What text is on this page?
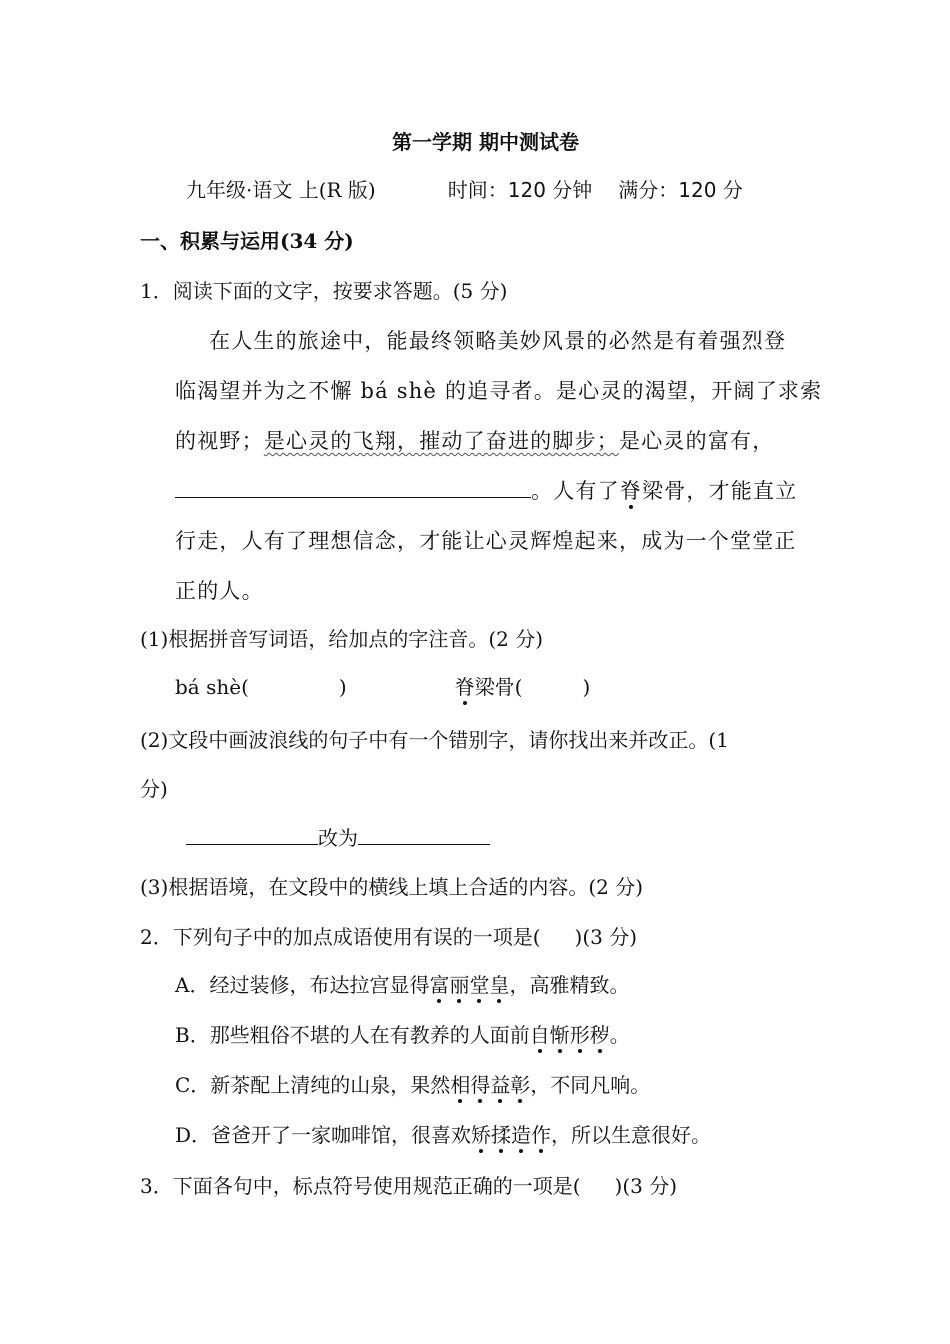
第一学期 期中测试卷
九年级·语文 上(R 版)	时间：120 分钟 满分：120 分
一、积累与运用(34 分)
1．阅读下面的文字，按要求答题。(5 分)
在人生的旅途中，能最终领略美妙风景的必然是有着强烈登
临渴望并为之不懈 bá shè 的追寻者。是心灵的渴望，开阔了求索
的视野；是心灵的飞翔，摧动了奋进的脚步；是心灵的富有，
。人有了脊梁骨，才能直立
行走，人有了理想信念，才能让心灵辉煌起来，成为一个堂堂正
正的人。
(1)根据拼音写词语，给加点的字注音。(2 分)
bá shè(	)	脊梁骨(	)
(2)文段中画波浪线的句子中有一个错别字，请你找出来并改正。(1
分)
改为
(3)根据语境，在文段中的横线上填上合适的内容。(2 分)
2．下列句子中的加点成语使用有误的一项是( )(3 分)
A．经过装修，布达拉宫显得富丽堂皇，高雅精致。
B．那些粗俗不堪的人在有教养的人面前自惭形秽。
C．新茶配上清纯的山泉，果然相得益彰，不同凡响。
D．爸爸开了一家咖啡馆，很喜欢矫揉造作，所以生意很好。
3．下面各句中，标点符号使用规范正确的一项是( )(3 分)
